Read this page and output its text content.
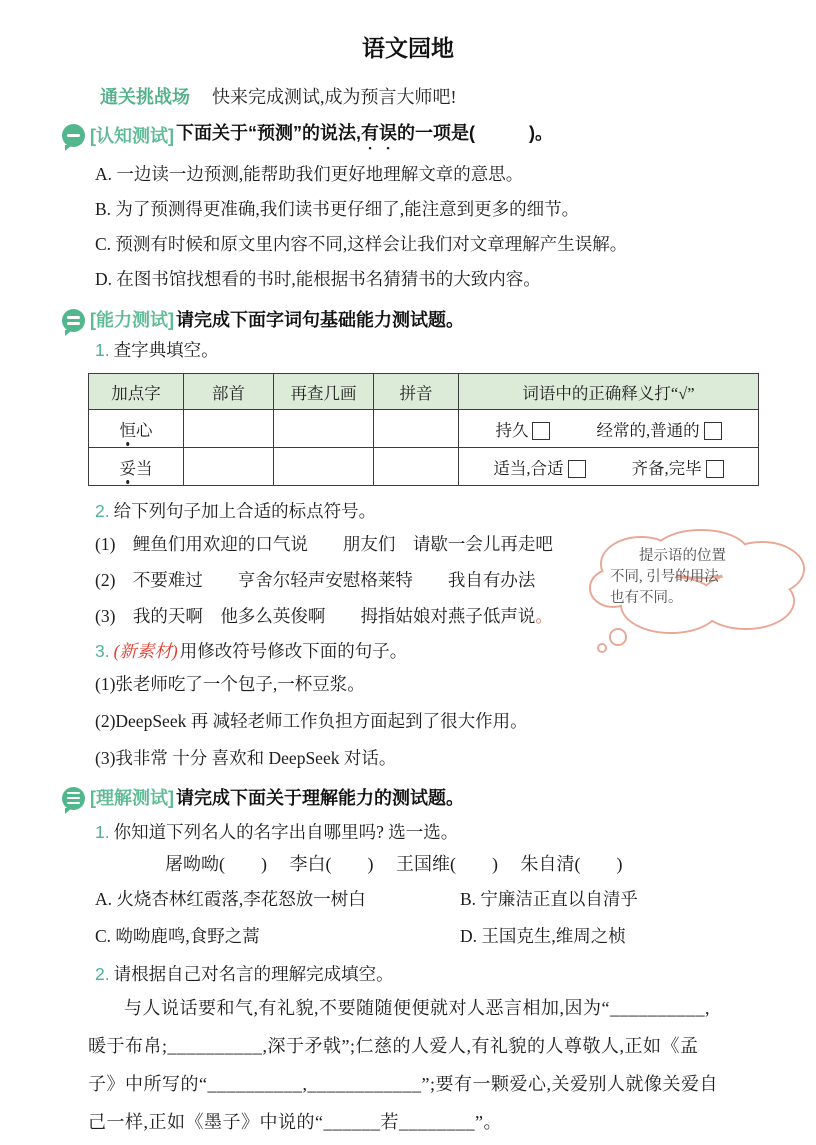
语文园地
通关挑战场 快来完成测试,成为预言大师吧!
[认知测试] 下面关于“预测”的说法,有误的一项是(　　　)。
A. 一边读一边预测,能帮助我们更好地理解文章的意思。
B. 为了预测得更准确,我们读书更仔细了,能注意到更多的细节。
C. 预测有时候和原文里内容不同,这样会让我们对文章理解产生误解。
D. 在图书馆找想看的书时,能根据书名猜猜书的大致内容。
[能力测试] 请完成下面字词句基础能力测试题。
1. 查字典填空。
加点字	部首	再查几画	拼音	词语中的正确释义打“√”
恒心				持久 经常的,普通的

妥当				适当,合适 齐备,完毕
2. 给下列句子加上合适的标点符号。
(1)　鲤鱼们用欢迎的口气说　　朋友们　请歇一会儿再走吧
(2)　不要难过　　亨舍尔轻声安慰格莱特　　我自有办法
(3)　我的天啊　他多么英俊啊　　拇指姑娘对燕子低声说。
提示语的位置
不同, 引号的用法
也有不同。
3. (新素材) 用修改符号修改下面的句子。
(1)张老师吃了一个包子,一杯豆浆。
(2)DeepSeek 再 减轻老师工作负担方面起到了很大作用。
(3)我非常 十分 喜欢和 DeepSeek 对话。
[理解测试] 请完成下面关于理解能力的测试题。
1. 你知道下列名人的名字出自哪里吗? 选一选。
屠呦呦(　　)　 李白(　　)　 王国维(　　)　 朱自清(　　)
A. 火烧杏林红霞落,李花怒放一树白	B. 宁廉洁正直以自清乎
C. 呦呦鹿鸣,食野之蒿	D. 王国克生,维周之桢
2. 请根据自己对名言的理解完成填空。
与人说话要和气,有礼貌,不要随随便便就对人恶言相加,因为“__________,
暖于布帛;__________,深于矛戟”;仁慈的人爱人,有礼貌的人尊敬人,正如《孟
子》中所写的“__________,____________”;要有一颗爱心,关爱别人就像关爱自
己一样,正如《墨子》中说的“______若________”。
